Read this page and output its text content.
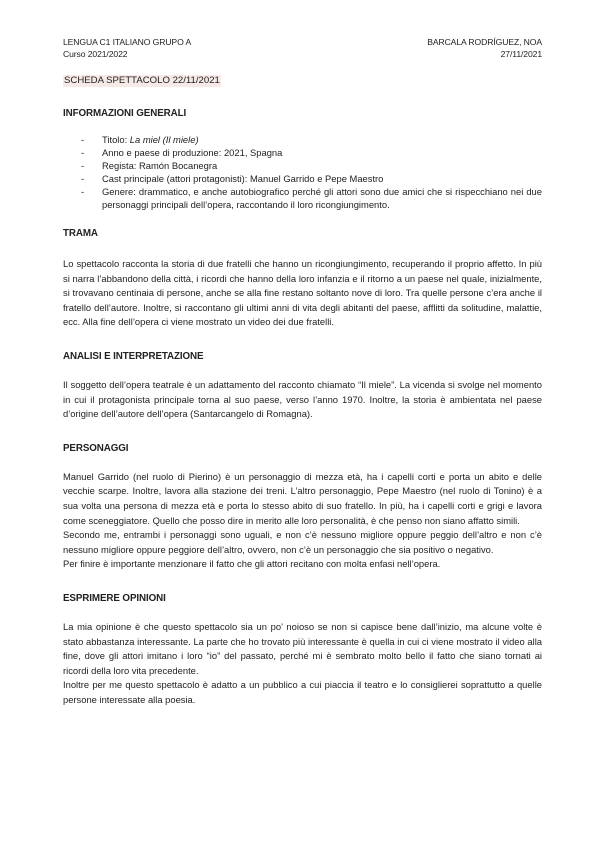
LENGUA C1 ITALIANO GRUPO A	BARCALA RODRÍGUEZ, NOA
Curso 2021/2022	27/11/2021
SCHEDA SPETTACOLO 22/11/2021
INFORMAZIONI GENERALI
- Titolo: La miel (Il miele)
- Anno e paese di produzione: 2021, Spagna
- Regista: Ramón Bocanegra
- Cast principale (attori protagonisti): Manuel Garrido e Pepe Maestro
- Genere: drammatico, e anche autobiografico perché gli attori sono due amici che si rispecchiano nei due personaggi principali dell’opera, raccontando il loro ricongiungimento.
TRAMA

Lo spettacolo racconta la storia di due fratelli che hanno un ricongiungimento, recuperando il proprio affetto. In più si narra l’abbandono della città, i ricordi che hanno della loro infanzia e il ritorno a un paese nel quale, inizialmente, si trovavano centinaia di persone, anche se alla fine restano soltanto nove di loro. Tra quelle persone c’era anche il fratello dell’autore. Inoltre, si raccontano gli ultimi anni di vita degli abitanti del paese, afflitti da solitudine, malattie, ecc. Alla fine dell’opera ci viene mostrato un video dei due fratelli.

ANALISI E INTERPRETAZIONE

Il soggetto dell’opera teatrale è un adattamento del racconto chiamato “Il miele”. La vicenda si svolge nel momento in cui il protagonista principale torna al suo paese, verso l’anno 1970. Inoltre, la storia è ambientata nel paese d’origine dell’autore dell’opera (Santarcangelo di Romagna).

PERSONAGGI

Manuel Garrido (nel ruolo di Pierino) è un personaggio di mezza età, ha i capelli corti e porta un abito e delle vecchie scarpe. Inoltre, lavora alla stazione dei treni. L’altro personaggio, Pepe Maestro (nel ruolo di Tonino) è a sua volta una persona di mezza età e porta lo stesso abito di suo fratello. In più, ha i capelli corti e grigi e lavora come sceneggiatore. Quello che posso dire in merito alle loro personalità, è che penso non siano affatto simili.

Secondo me, entrambi i personaggi sono uguali, e non c’è nessuno migliore oppure peggio dell’altro e non c’è nessuno migliore oppure peggiore dell’altro, ovvero, non c’è un personaggio che sia positivo o negativo.

Per finire è importante menzionare il fatto che gli attori recitano con molta enfasi nell’opera.

ESPRIMERE OPINIONI

La mia opinione è che questo spettacolo sia un po’ noioso se non si capisce bene dall’inizio, ma alcune volte è stato abbastanza interessante. La parte che ho trovato più interessante è quella in cui ci viene mostrato il video alla fine, dove gli attori imitano i loro “io” del passato, perché mi è sembrato molto bello il fatto che siano tornati ai ricordi della loro vita precedente.

Inoltre per me questo spettacolo è adatto a un pubblico a cui piaccia il teatro e lo consiglierei soprattutto a quelle persone interessate alla poesia.
